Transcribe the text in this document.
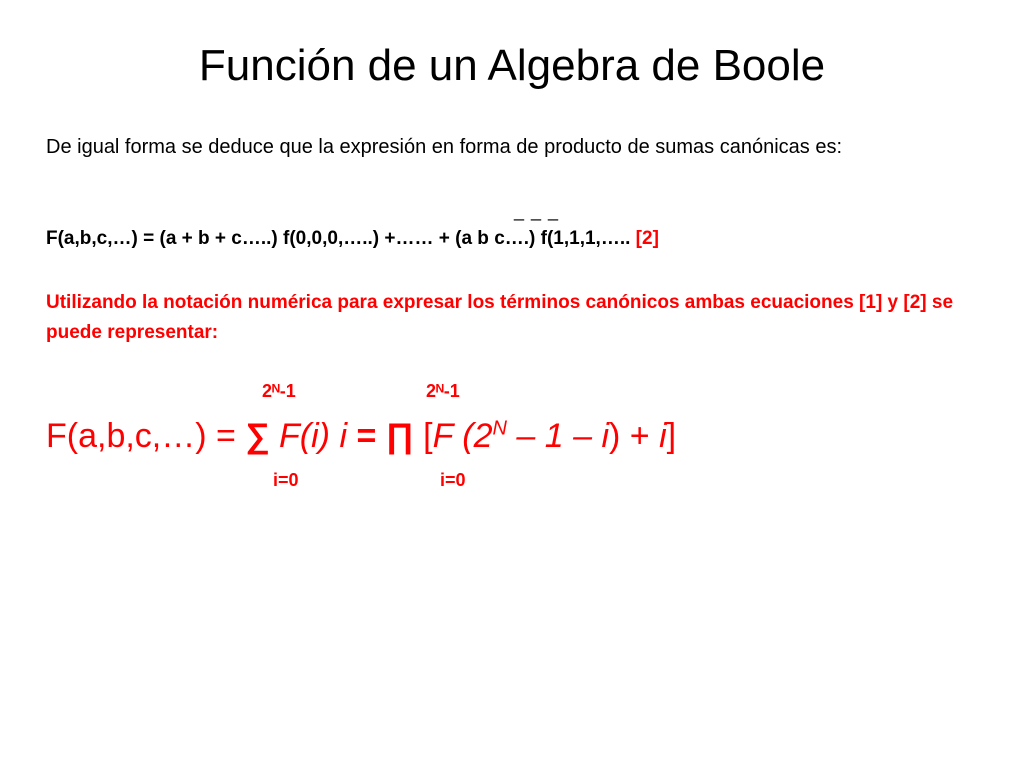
Función de un Algebra de Boole
De igual forma se deduce que la expresión en forma de producto de sumas canónicas es:
_ _ _
F(a,b,c,…) = (a + b + c…..) f(0,0,0,…..) +…… + (a b c….) f(1,1,1,….. [2]
Utilizando la notación numérica para expresar los términos canónicos ambas ecuaciones [1] y [2] se puede representar:
2ᴺ-1	2ᴺ-1
F(a,b,c,…) = ∑ F(i) i = ∏ [F $(2^N - 1 - i) + i$]
i=0	i=0
